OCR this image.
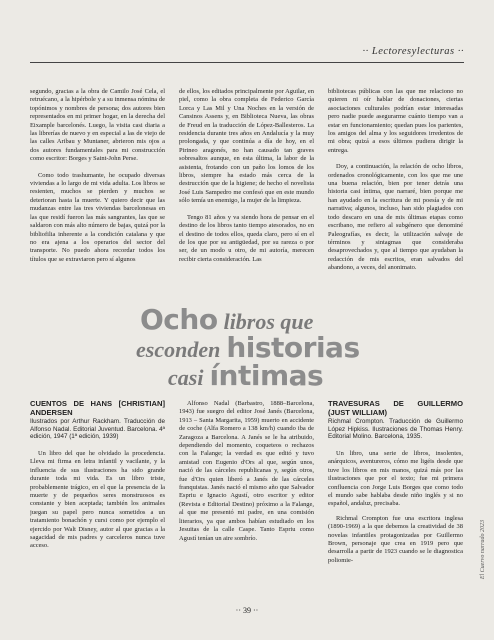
·· Lectoresylecturas ··

segundo, gracias a la obra de Camilo José Cela, el retruécano, a la hipérbole y a su inmensa nómina de topónimos y nombres de persona; dos autores bien representados en mi primer hogar, en la derecha del Eixample barcelonés. Luego, la visita casi diaria a las librerías de nuevo y en especial a las de viejo de las calles Aribau y Muntaner, abrieron mis ojos a dos autores fundamentales para mi construcción como escritor: Borges y Saint-John Perse.

Como todo trashumante, he ocupado diversas viviendas a lo largo de mi vida adulta. Los libros se resienten, muchos se pierden y muchos se deterioran hasta la muerte. Y quiero decir que las mudanzas entre las tres viviendas barcelonesas en las que residí fueron las más sangrantes, las que se saldaron con más alto número de bajas, quizá por la bibliofilia inherente a la condición catalana y que no era ajena a los operarios del sector del transporte. No puedo ahora recordar todos los títulos que se extraviaron pero sí algunos

de ellos, los editados principalmente por Aguilar, en piel, como la obra completa de Federico García Lorca y Las Mil y Una Noches en la versión de Cansinos Assens y, en Biblioteca Nueva, las obras de Freud en la traducción de López-Ballesteros. La residencia durante tres años en Andalucía y la muy prolongada, y que continúa a día de hoy, en el Pirineo aragonés, no han causado tan graves sobresaltos aunque, en esta última, la labor de la asistenta, frotando con un paño los lomos de los libros, siempre ha estado más cerca de la destrucción que de la higiene; de hecho el novelista José Luis Sampedro me confesó que en este mundo sólo temía un enemigo, la mujer de la limpieza.

Tengo 81 años y va siendo hora de pensar en el destino de los libros tanto tiempo atesorados, no en el destino de todos ellos, queda claro, pero sí en el de los que por su antigüedad, por su rareza o por ser, de un modo u otro, de mi autoría, merecen recibir cierta consideración. Las

bibliotecas públicas con las que me relaciono no quieren ni oír hablar de donaciones, ciertas asociaciones culturales podrían estar interesadas pero nadie puede asegurarme cuánto tiempo van a estar en funcionamiento; quedan pues los parientes, los amigos del alma y los seguidores irredentos de mi obra; quizá a esos últimos pudiera dirigir la entrega.

Doy, a continuación, la relación de ocho libros, ordenados cronológicamente, con los que me une una buena relación, bien por tener detrás una historia casi íntima, que narraré, bien porque me han ayudado en la escritura de mi poesía y de mi narrativa; algunos, incluso, han sido plagiados con todo descaro en una de mis últimas etapas como escribano, me refiero al subgénero que denominé Paleografías, es decir, la utilización salvaje de términos y sintagmas que consideraba desaprovechados y, que al tiempo que ayudaban la redacción de mis escritos, eran salvados del abandono, a veces, del anonimato.

Ocho libros que
esconden historias
casi íntimas
CUENTOS DE HANS [CHRISTIAN] ANDERSEN
Ilustrados por Arthur Rackham. Traducción de Alfonso Nadal. Editorial Juventud. Barcelona. 4ª edición, 1947 (1ª edición, 1939)

Un libro del que he olvidado la procedencia. Lleva mi firma en letra infantil y vacilante, y la influencia de sus ilustraciones ha sido grande durante toda mi vida. Es un libro triste, probablemente trágico, en el que la presencia de la muerte y de pequeños seres monstruosos es constante y bien aceptada; también los animales juegan su papel pero nunca sometidos a un tratamiento bonachón y cursi como por ejemplo el ejercido por Walt Disney, autor al que gracias a la sagacidad de mis padres y carceleros nunca tuve acceso.

Alfonso Nadal (Barbastro, 1888–Barcelona, 1943) fue suegro del editor José Janés (Barcelona, 1913 – Santa Margarita, 1959) muerto en accidente de coche (Alfa Romero a 138 km/h) cuando iba de Zaragoza a Barcelona. A Janés se le ha atribuido, dependiendo del momento, coqueteos o rechazos con la Falange; la verdad es que editó y tuvo amistad con Eugenio d'Ors al que, según unos, nació de las cárceles republicanas y, según otros, fue d'Ors quien liberó a Janés de las cárceles franquistas. Janés nació el mismo año que Salvador Espriu e Ignacio Agustí, otro escritor y editor (Revista e Editorial Destino) próximo a la Falange, al que me presentó mi padre, en una comisión literarios, ya que ambos habían estudiado en los Jesuitas de la calle Caspe. Tanto Espriu como Agustí tenían un aire sombrío.

TRAVESURAS DE GUILLERMO (JUST WILLIAM)
Richmal Crompton. Traducción de Guillermo López Hipkiss. Ilustraciones de Thomas Henry. Editorial Molino. Barcelona, 1935.

Un libro, una serie de libros, insolentes, anárquicos, aventureros, cómo me ligéis desde que tuve los libros en mis manos, quizá más por las ilustraciones que por el texto; fue mi primera confluencia con Jorge Luis Borges que como todo el mundo sabe hablaba desde niño inglés y si no español, andaluz, precisaba.

Richmal Crompton fue una escritora inglesa (1890-1969) a la que debemos la creatividad de 38 novelas infantiles protagonizadas por Guillermo Brown, personaje que crea en 1919 pero que desarrolla a partir de 1923 cuando se le diagnostica poliomie-	El Cuervo narrado 2023
·· 39 ··
